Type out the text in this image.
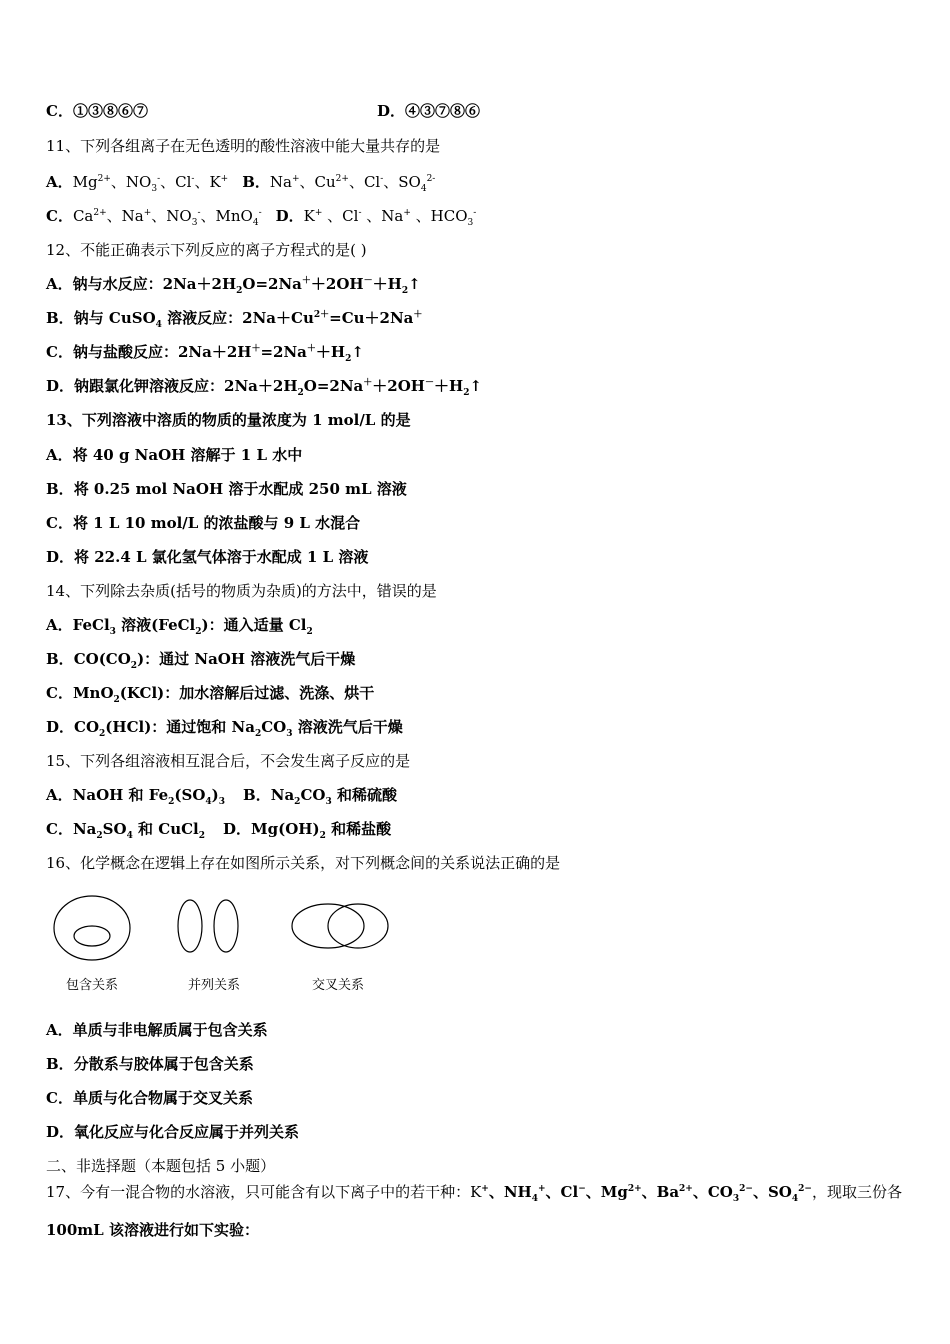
C．①③⑧⑥⑦	D．④③⑦⑧⑥
11、下列各组离子在无色透明的酸性溶液中能大量共存的是
A．$Mg^{2+}$、$NO_3^-$、Cl-、K+ B．Na+、$Cu^{2+}$、Cl-、$SO_4^{2-}$
C．$Ca^{2+}$、Na+、$NO_3^-$、MnO$_4$- D．K+ 、Cl- 、Na+ 、$HCO_3^-$
12、不能正确表示下列反应的离子方程式的是( )
A．钠与水反应：$2Na+2H_2O=2Na^++2OH^-+H_2↑$
B．钠与 CuSO$_4$ 溶液反应：$2Na+Cu^{2+}=Cu+2Na^+$
C．钠与盐酸反应：$2Na+2H^+=2Na^++H_2↑$
D．钠跟氯化钾溶液反应：$2Na+2H_2O=2Na^++2OH^-+H_2↑$
13、下列溶液中溶质的物质的量浓度为 1 mol/L 的是
A．将 40 g NaOH 溶解于 1 L 水中
B．将 0.25 mol NaOH 溶于水配成 250 mL 溶液
C．将 1 L 10 mol/L 的浓盐酸与 9 L 水混合
D．将 22.4 L 氯化氢气体溶于水配成 1 L 溶液
14、下列除去杂质(括号的物质为杂质)的方法中，错误的是
A．FeCl$_3$ 溶液(FeCl$_2$)：通入适量 $Cl_2$
B．$CO(CO_2)$：通过 NaOH 溶液洗气后干燥
C．MnO$_2$(KCl)：加水溶解后过滤、洗涤、烘干
D．$CO_2(HCl)$：通过饱和 $Na_2CO_3$ 溶液洗气后干燥
15、下列各组溶液相互混合后，不会发生离子反应的是
A．NaOH 和 $Fe_2(SO_4)_3$ B．$Na_2CO_3$ 和稀硫酸
C．$Na_2SO_4$ 和 CuCl$_2$ D．$Mg(OH)_2$ 和稀盐酸
16、化学概念在逻辑上存在如图所示关系，对下列概念间的关系说法正确的是
包含关系	并列关系	交叉关系
A．单质与非电解质属于包含关系
B．分散系与胶体属于包含关系
C．单质与化合物属于交叉关系
D．氧化反应与化合反应属于并列关系
二、非选择题（本题包括 5 小题）
17、今有一混合物的水溶液，只可能含有以下离子中的若干种：K+、$NH_4^+$、Cl−、$Mg^{2+}$、$Ba^{2+}$、$CO_3^{2-}$、$SO_4^{2-}$，现取三份各
100mL 该溶液进行如下实验：
